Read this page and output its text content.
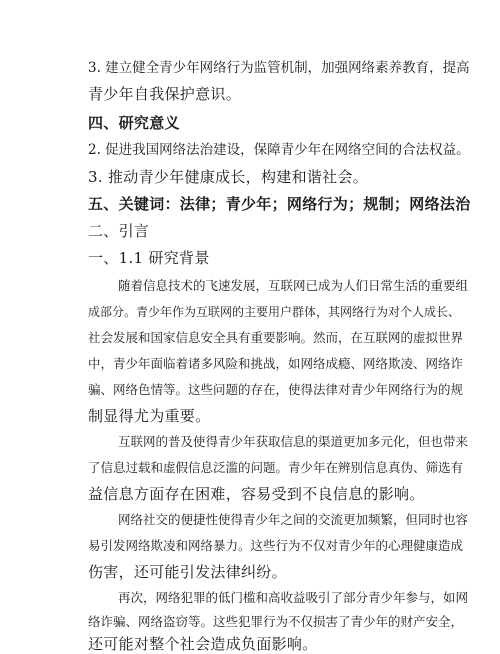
3. 建立健全青少年网络行为监管机制，加强网络素养教育，提高
青少年自我保护意识。
四、研究意义
2. 促进我国网络法治建设，保障青少年在网络空间的合法权益。
3. 推动青少年健康成长，构建和谐社会。
五、关键词：法律；青少年；网络行为；规制；网络法治
二、引言
一、1.1 研究背景
随着信息技术的飞速发展，互联网已成为人们日常生活的重要组
成部分。青少年作为互联网的主要用户群体，其网络行为对个人成长、
社会发展和国家信息安全具有重要影响。然而，在互联网的虚拟世界
中，青少年面临着诸多风险和挑战，如网络成瘾、网络欺凌、网络诈
骗、网络色情等。这些问题的存在，使得法律对青少年网络行为的规
制显得尤为重要。
互联网的普及使得青少年获取信息的渠道更加多元化，但也带来
了信息过载和虚假信息泛滥的问题。青少年在辨别信息真伪、筛选有
益信息方面存在困难，容易受到不良信息的影响。
网络社交的便捷性使得青少年之间的交流更加频繁，但同时也容
易引发网络欺凌和网络暴力。这些行为不仅对青少年的心理健康造成
伤害，还可能引发法律纠纷。
再次，网络犯罪的低门槛和高收益吸引了部分青少年参与，如网
络诈骗、网络盗窃等。这些犯罪行为不仅损害了青少年的财产安全，
还可能对整个社会造成负面影响。
